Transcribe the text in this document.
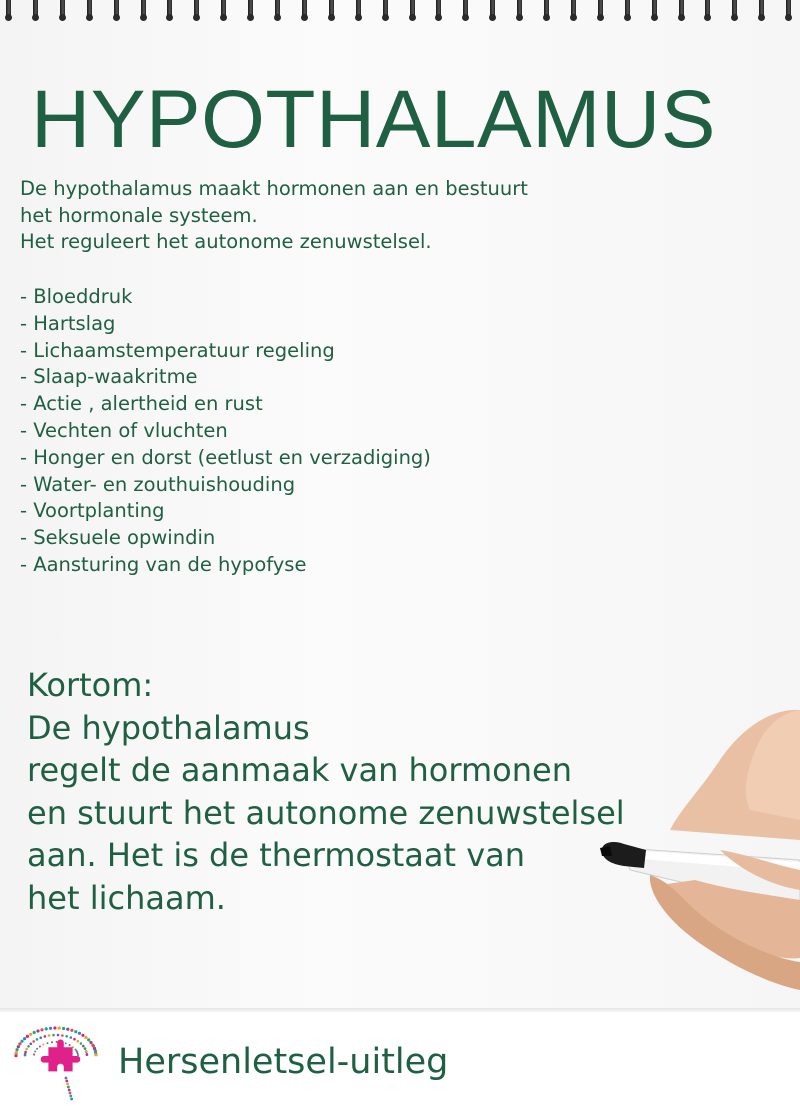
HYPOTHALAMUS

De hypothalamus maakt hormonen aan en bestuurt
het hormonale systeem.
Het reguleert het autonome zenuwstelsel.

- Bloeddruk
- Hartslag
- Lichaamstemperatuur regeling
- Slaap-waakritme
- Actie , alertheid en rust
- Vechten of vluchten
- Honger en dorst (eetlust en verzadiging)
- Water- en zouthuishouding
- Voortplanting
- Seksuele opwindin
- Aansturing van de hypofyse

Kortom:
De hypothalamus
regelt de aanmaak van hormonen
en stuurt het autonome zenuwstelsel
aan. Het is de thermostaat van
het lichaam.

Hersenletsel-uitleg
